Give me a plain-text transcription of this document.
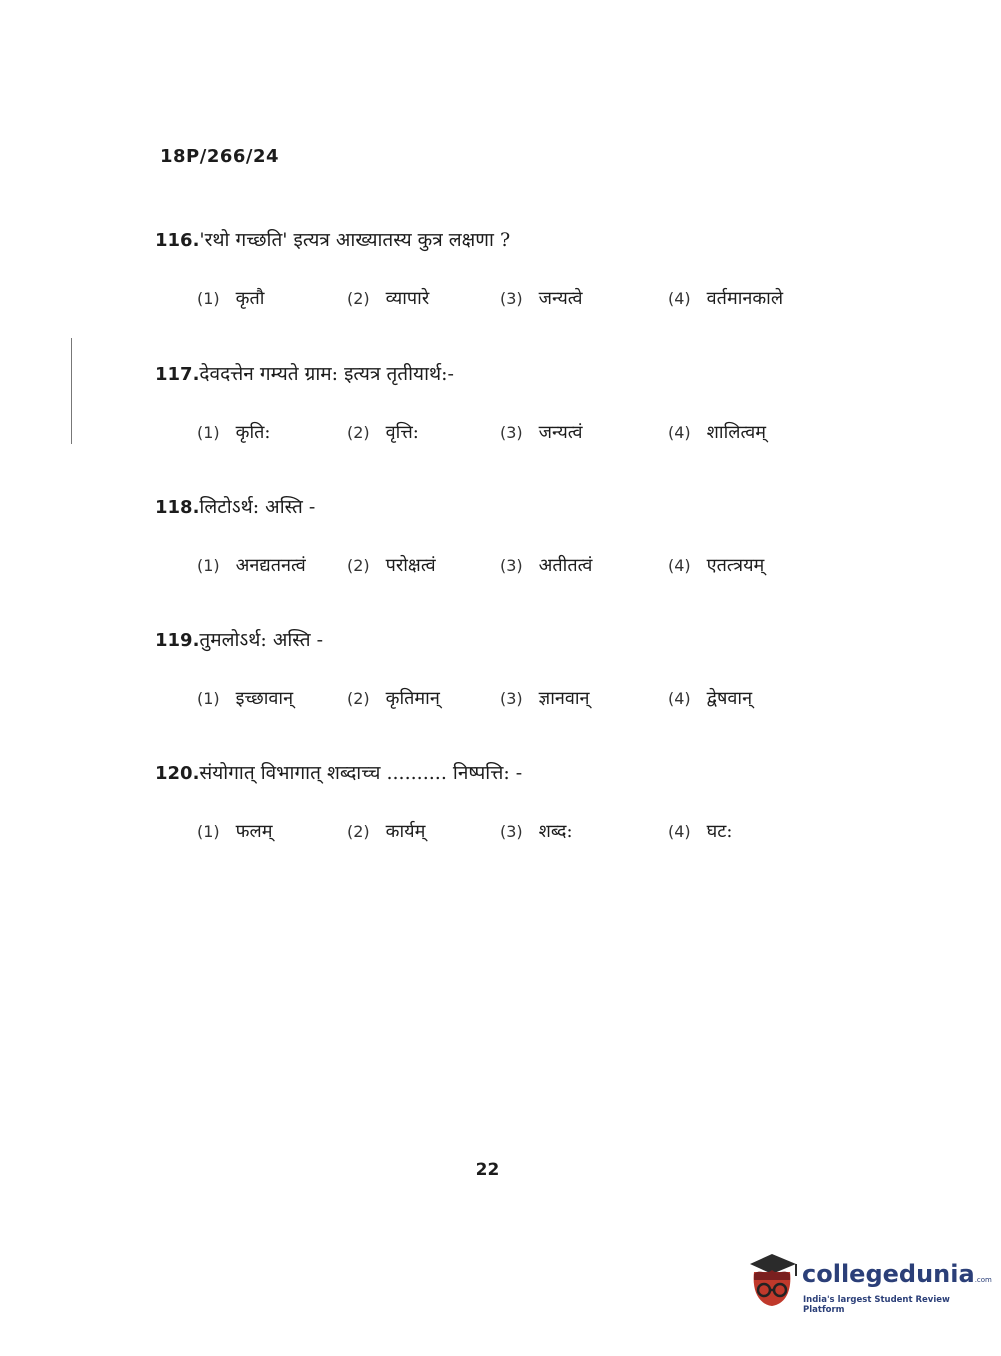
18P/266/24
116.'रथो गच्छति' इत्यत्र आख्यातस्य कुत्र लक्षणा ?
(1) कृतौ	(2) व्यापारे	(3) जन्यत्वे	(4) वर्तमानकाले
117.देवदत्तेन गम्यते ग्राम: इत्यत्र तृतीयार्थ:-
(1) कृति:	(2) वृत्ति:	(3) जन्यत्वं	(4) शालित्वम्
118.लिटोऽर्थ: अस्ति -
(1) अनद्यतनत्वं	(2) परोक्षत्वं	(3) अतीतत्वं	(4) एतत्त्रयम्
119.तुमलोऽर्थ: अस्ति -
(1) इच्छावान्	(2) कृतिमान्	(3) ज्ञानवान्	(4) द्वेषवान्
120.संयोगात् विभागात् शब्दाच्च .......... निष्पत्ति: -
(1) फलम्	(2) कार्यम्	(3) शब्द:	(4) घट:
22
collegedunia.com
India's largest Student Review Platform
